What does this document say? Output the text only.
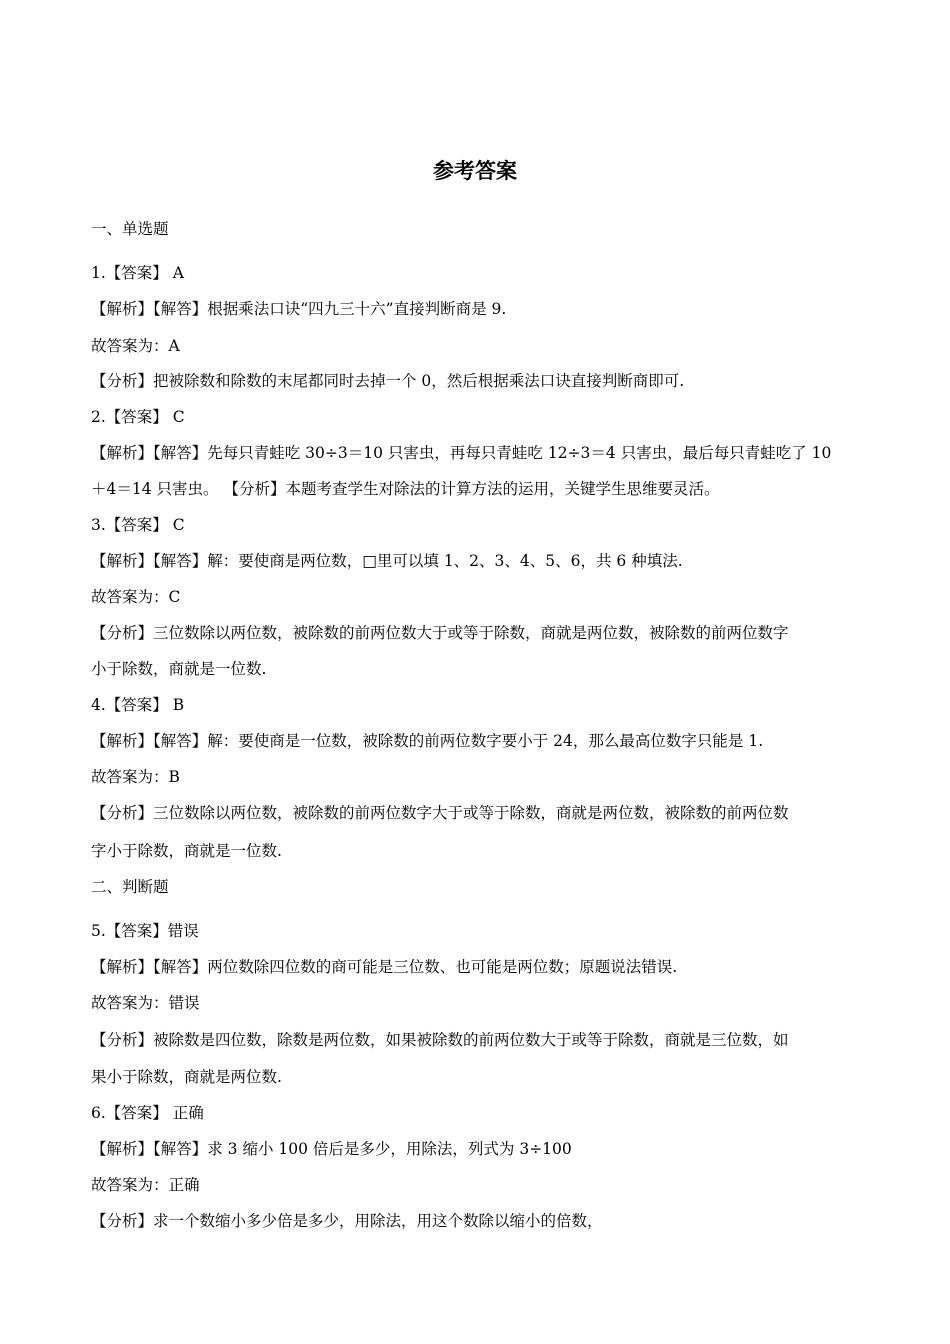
参考答案
一、单选题
1.【答案】 A
【解析】【解答】根据乘法口诀“四九三十六”直接判断商是 9.
故答案为：A
【分析】把被除数和除数的末尾都同时去掉一个 0，然后根据乘法口诀直接判断商即可.
2.【答案】 C
【解析】【解答】先每只青蛙吃 30÷3＝10 只害虫，再每只青蛙吃 12÷3＝4 只害虫，最后每只青蛙吃了 10
＋4＝14 只害虫。 【分析】本题考查学生对除法的计算方法的运用，关键学生思维要灵活。
3.【答案】 C
【解析】【解答】解：要使商是两位数，□里可以填 1、2、3、4、5、6，共 6 种填法.
故答案为：C
【分析】三位数除以两位数，被除数的前两位数大于或等于除数，商就是两位数，被除数的前两位数字
小于除数，商就是一位数.
4.【答案】 B
【解析】【解答】解：要使商是一位数，被除数的前两位数字要小于 24，那么最高位数字只能是 1.
故答案为：B
【分析】三位数除以两位数，被除数的前两位数字大于或等于除数，商就是两位数，被除数的前两位数
字小于除数，商就是一位数.
二、判断题
5.【答案】错误
【解析】【解答】两位数除四位数的商可能是三位数、也可能是两位数；原题说法错误.
故答案为：错误
【分析】被除数是四位数，除数是两位数，如果被除数的前两位数大于或等于除数，商就是三位数，如
果小于除数，商就是两位数.
6.【答案】 正确
【解析】【解答】求 3 缩小 100 倍后是多少，用除法，列式为 3÷100
故答案为：正确
【分析】求一个数缩小多少倍是多少，用除法，用这个数除以缩小的倍数，
